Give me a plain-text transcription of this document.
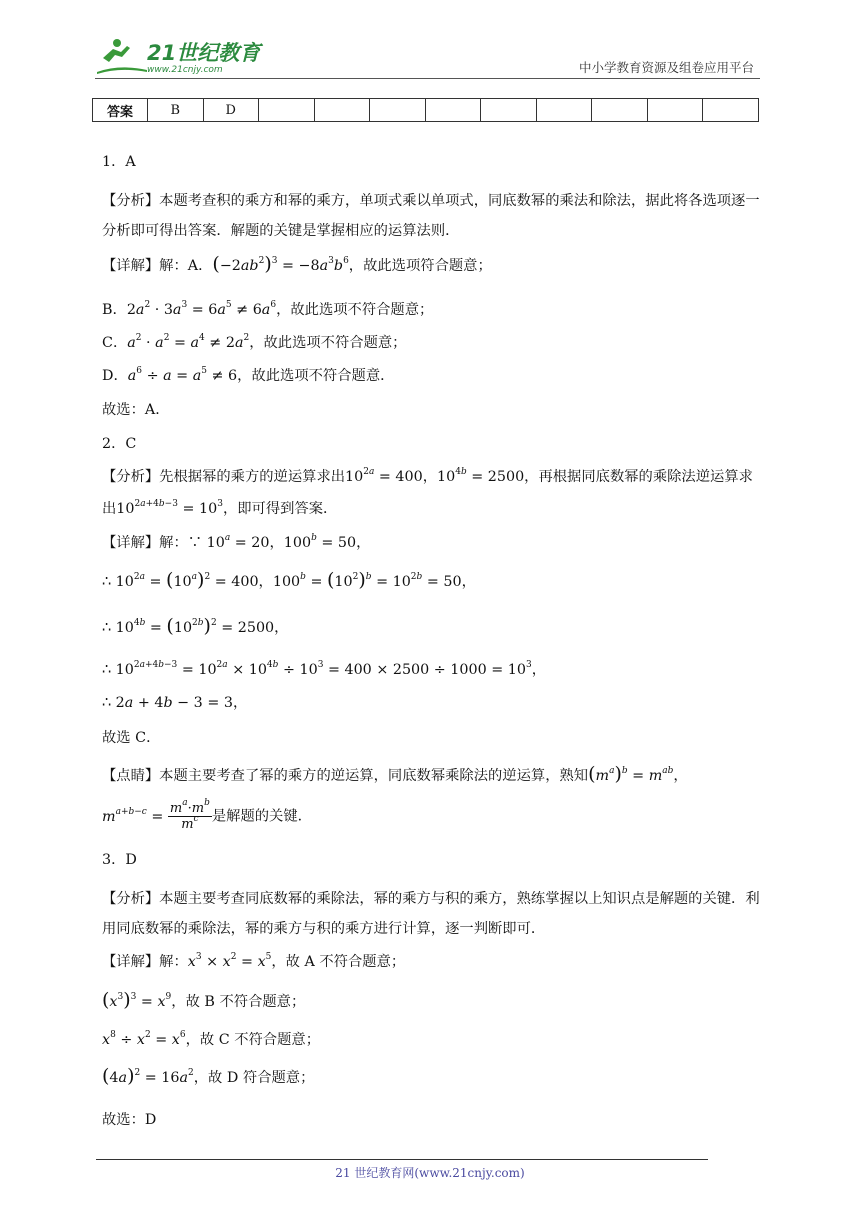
21世纪教育
www.21cnjy.com	中小学教育资源及组卷应用平台
答案	B	D									
1．A
【分析】本题考查积的乘方和幂的乘方，单项式乘以单项式，同底数幂的乘法和除法，据此将各选项逐一分析即可得出答案．解题的关键是掌握相应的运算法则．
【详解】解：A．$(-2ab^2)^3 = -8a^3b^6$，故此选项符合题意；
B．$2a^2 \cdot 3a^3 = 6a^5 \ne 6a^6$，故此选项不符合题意；
C．$a^2 \cdot a^2 = a^4 \ne 2a^2$，故此选项不符合题意；
D．$a^6 \div a = a^5 \ne 6$，故此选项不符合题意．
故选：A．
2．C
【分析】先根据幂的乘方的逆运算求出$10^{2a} = 400$，$10^{4b} = 2500$，再根据同底数幂的乘除法逆运算求
出$10^{2a+4b-3} = 10^3$，即可得到答案．
【详解】解：∵ $10^a = 20$，$100^b = 50$，
∴ $10^{2a} = (10^a)^2 = 400$，$100^b = (10^2)^b = 10^{2b} = 50$，
∴ $10^{4b} = (10^{2b})^2 = 2500$，
∴ $10^{2a+4b-3} = 10^{2a} \times 10^{4b} \div 10^3 = 400 \times 2500 \div 1000 = 10^3$，
∴ 2a + 4b − 3 = 3，
故选 C．
【点睛】本题主要考查了幂的乘方的逆运算，同底数幂乘除法的逆运算，熟知$(m^a)^b = m^{ab}$，
$m^{a+b-c} = \frac{m^a\cdot m^b}{m^c}$ 是解题的关键．
3．D
【分析】本题主要考查同底数幂的乘除法，幂的乘方与积的乘方，熟练掌握以上知识点是解题的关键．利用同底数幂的乘除法，幂的乘方与积的乘方进行计算，逐一判断即可．
【详解】解：$x^3 \times x^2 = x^5$，故 A 不符合题意；
$(x^3)^3 = x^9$，故 B 不符合题意；
$x^8 \div x^2 = x^6$，故 C 不符合题意；
$(4a)^2 = 16a^2$，故 D 符合题意；
故选：D
21 世纪教育网(www.21cnjy.com)
